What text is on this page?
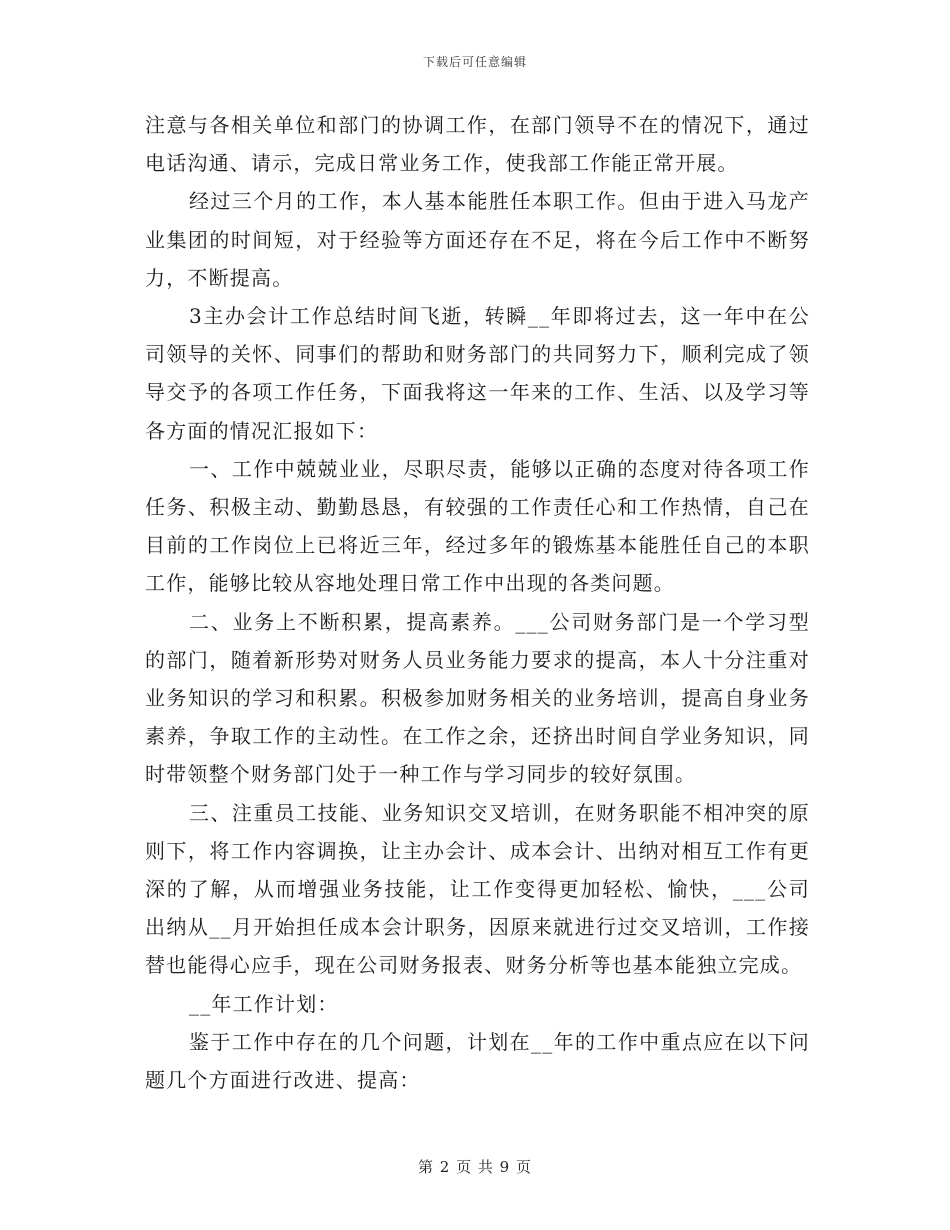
下载后可任意编辑

注意与各相关单位和部门的协调工作，在部门领导不在的情况下，通过电话沟通、请示，完成日常业务工作，使我部工作能正常开展。

经过三个月的工作，本人基本能胜任本职工作。但由于进入马龙产业集团的时间短，对于经验等方面还存在不足，将在今后工作中不断努力，不断提高。

3主办会计工作总结时间飞逝，转瞬__年即将过去，这一年中在公司领导的关怀、同事们的帮助和财务部门的共同努力下，顺利完成了领导交予的各项工作任务，下面我将这一年来的工作、生活、以及学习等各方面的情况汇报如下：

一、工作中兢兢业业，尽职尽责，能够以正确的态度对待各项工作任务、积极主动、勤勤恳恳，有较强的工作责任心和工作热情，自己在目前的工作岗位上已将近三年，经过多年的锻炼基本能胜任自己的本职工作，能够比较从容地处理日常工作中出现的各类问题。

二、业务上不断积累，提高素养。___公司财务部门是一个学习型的部门，随着新形势对财务人员业务能力要求的提高，本人十分注重对业务知识的学习和积累。积极参加财务相关的业务培训，提高自身业务素养，争取工作的主动性。在工作之余，还挤出时间自学业务知识，同时带领整个财务部门处于一种工作与学习同步的较好氛围。

三、注重员工技能、业务知识交叉培训，在财务职能不相冲突的原则下，将工作内容调换，让主办会计、成本会计、出纳对相互工作有更深的了解，从而增强业务技能，让工作变得更加轻松、愉快，___公司出纳从__月开始担任成本会计职务，因原来就进行过交叉培训，工作接替也能得心应手，现在公司财务报表、财务分析等也基本能独立完成。

__年工作计划：

鉴于工作中存在的几个问题，计划在__年的工作中重点应在以下问题几个方面进行改进、提高：

第 2 页 共 9 页
